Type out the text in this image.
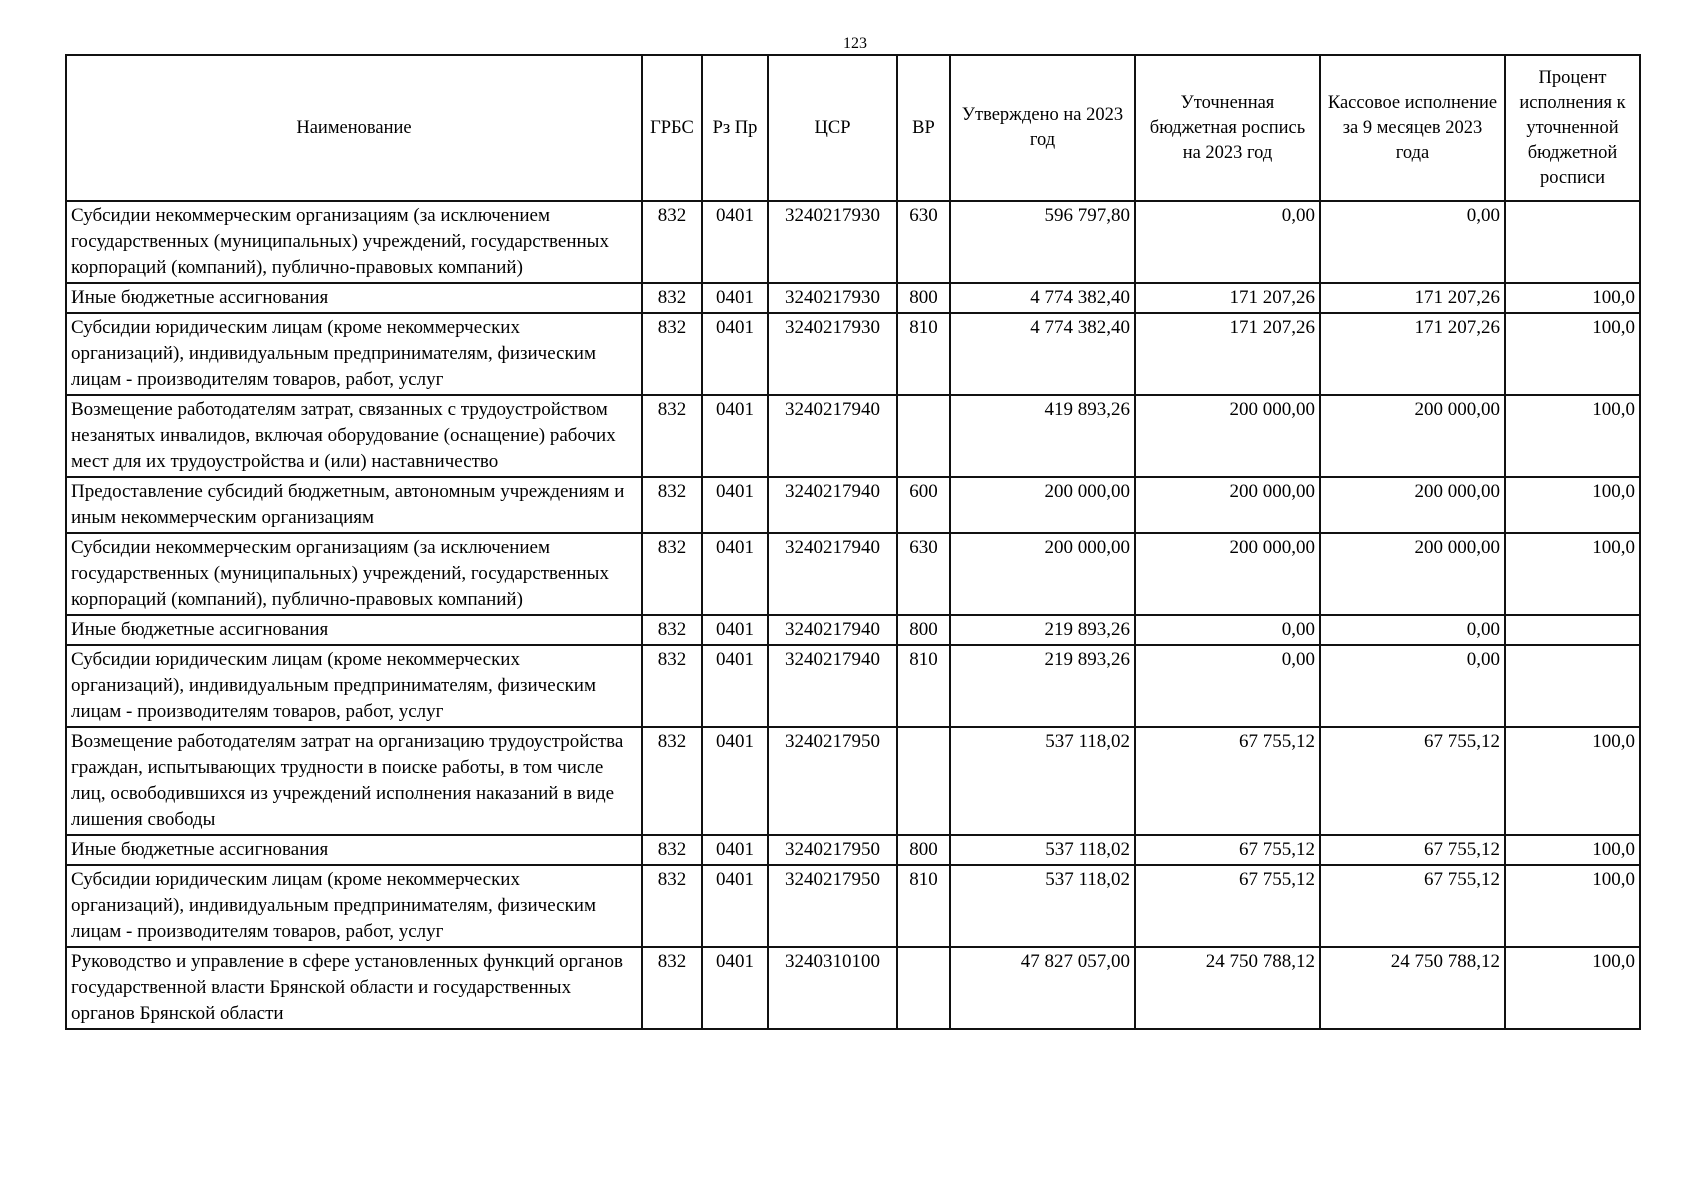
123
Наименование	ГРБС	Рз Пр	ЦСР	ВР	Утверждено на 2023 год	Уточненная бюджетная роспись на 2023 год	Кассовое исполнение за 9 месяцев 2023 года	Процент исполнения к уточненной бюджетной росписи
Субсидии некоммерческим организациям (за исключением государственных (муниципальных) учреждений, государственных корпораций (компаний), публично-правовых компаний)	832	0401	3240217930	630	596 797,80	0,00	0,00	
Иные бюджетные ассигнования	832	0401	3240217930	800	4 774 382,40	171 207,26	171 207,26	100,0
Субсидии юридическим лицам (кроме некоммерческих организаций), индивидуальным предпринимателям, физическим лицам - производителям товаров, работ, услуг	832	0401	3240217930	810	4 774 382,40	171 207,26	171 207,26	100,0
Возмещение работодателям затрат, связанных с трудоустройством незанятых инвалидов, включая оборудование (оснащение) рабочих мест для их трудоустройства и (или) наставничество	832	0401	3240217940		419 893,26	200 000,00	200 000,00	100,0
Предоставление субсидий бюджетным, автономным учреждениям и иным некоммерческим организациям	832	0401	3240217940	600	200 000,00	200 000,00	200 000,00	100,0
Субсидии некоммерческим организациям (за исключением государственных (муниципальных) учреждений, государственных корпораций (компаний), публично-правовых компаний)	832	0401	3240217940	630	200 000,00	200 000,00	200 000,00	100,0
Иные бюджетные ассигнования	832	0401	3240217940	800	219 893,26	0,00	0,00	
Субсидии юридическим лицам (кроме некоммерческих организаций), индивидуальным предпринимателям, физическим лицам - производителям товаров, работ, услуг	832	0401	3240217940	810	219 893,26	0,00	0,00	
Возмещение работодателям затрат на организацию трудоустройства граждан, испытывающих трудности в поиске работы, в том числе лиц, освободившихся из учреждений исполнения наказаний в виде лишения свободы	832	0401	3240217950		537 118,02	67 755,12	67 755,12	100,0
Иные бюджетные ассигнования	832	0401	3240217950	800	537 118,02	67 755,12	67 755,12	100,0
Субсидии юридическим лицам (кроме некоммерческих организаций), индивидуальным предпринимателям, физическим лицам - производителям товаров, работ, услуг	832	0401	3240217950	810	537 118,02	67 755,12	67 755,12	100,0
Руководство и управление в сфере установленных функций органов государственной власти Брянской области и государственных органов Брянской области	832	0401	3240310100		47 827 057,00	24 750 788,12	24 750 788,12	100,0
